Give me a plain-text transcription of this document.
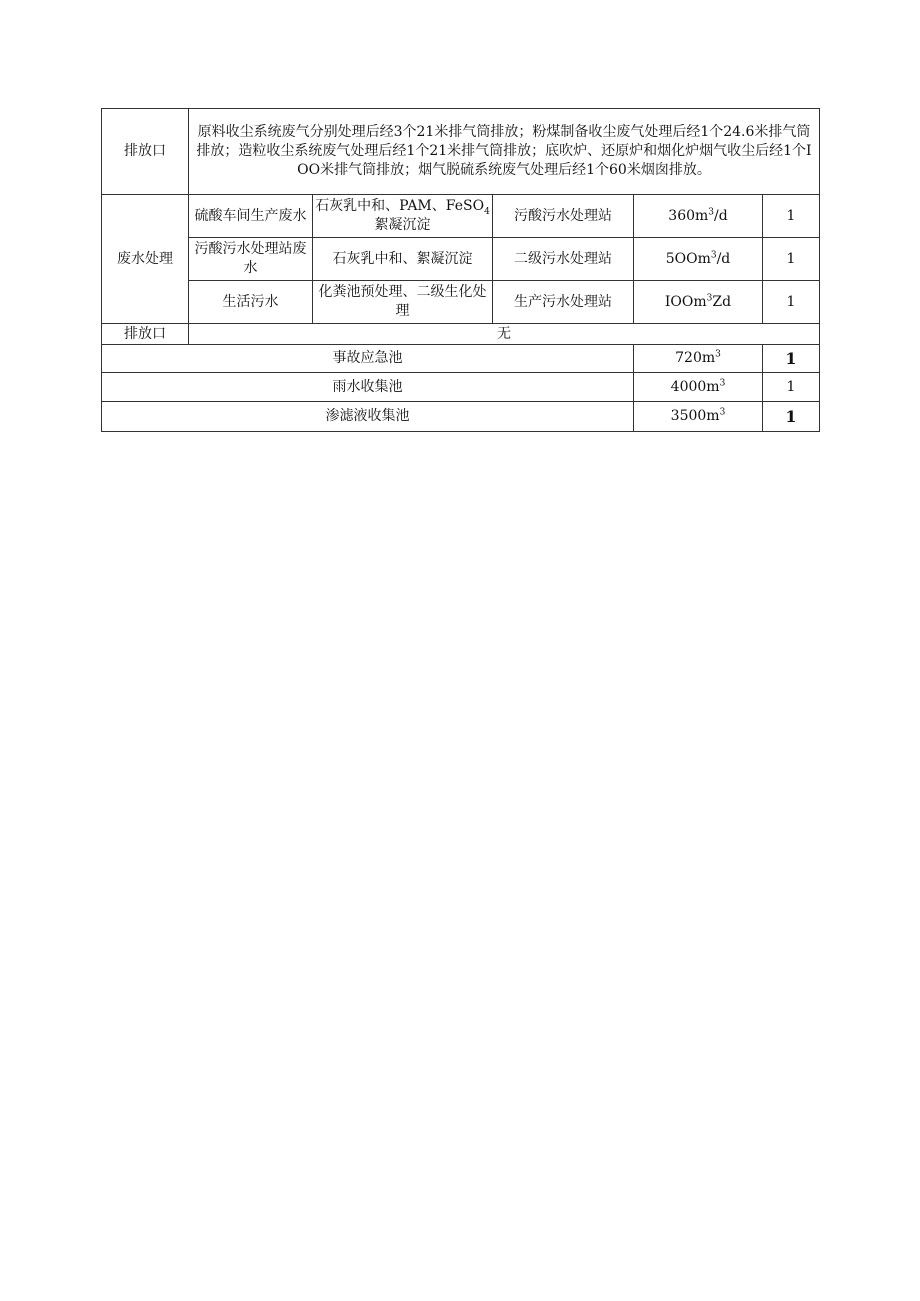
排放口	原料收尘系统废气分别处理后经3个21米排气筒排放；粉煤制备收尘废气处理后经1个24.6米排气筒排放；造粒收尘系统废气处理后经1个21米排气筒排放；底吹炉、还原炉和烟化炉烟气收尘后经1个IOO米排气筒排放；烟气脱硫系统废气处理后经1个60米烟囱排放。				
废水处理	硫酸车间生产废水	石灰乳中和、PAM、FeSO$_4$絮凝沉淀	污酸污水处理站	$360m^3/d$	1
	污酸污水处理站废水	石灰乳中和、絮凝沉淀	二级污水处理站	5OOm$^3$/d	1
	生活污水	化粪池预处理、二级生化处理	生产污水处理站	IOOm$^3$Zd	1
排放口	无				
事故应急池				$720m^3$	1
雨水收集池				$4000m^3$	1
渗滤液收集池				$3500m^3$	1
